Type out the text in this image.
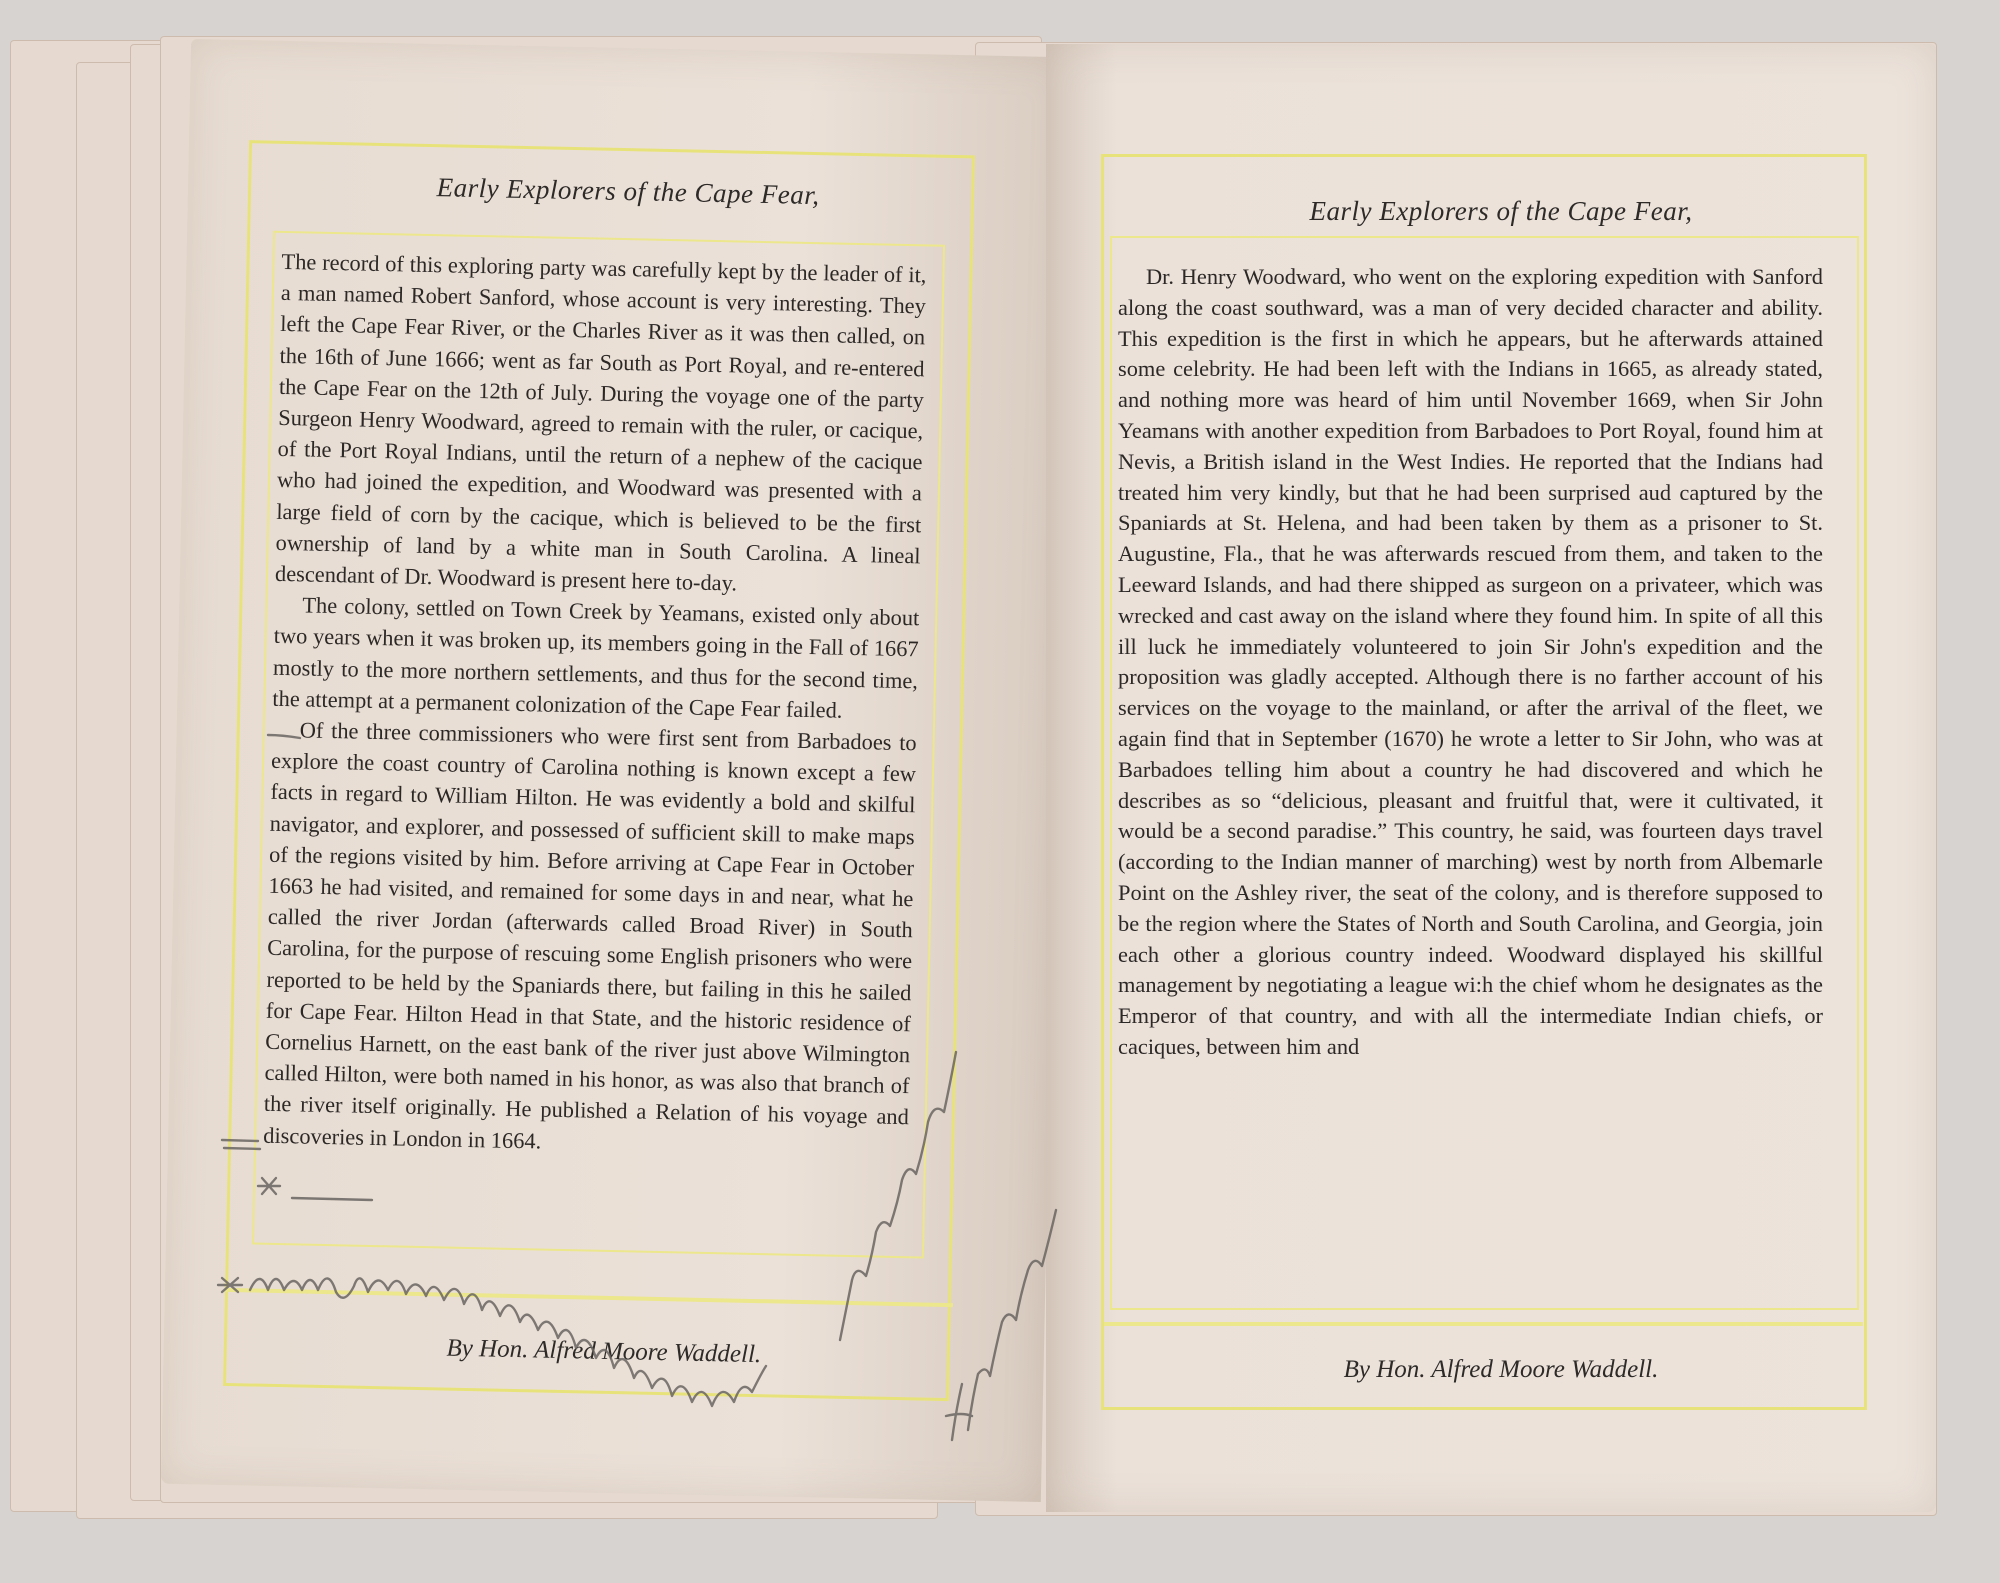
Early Explorers of the Cape Fear,

The record of this exploring party was carefully kept by the leader of it, a man named Robert Sanford, whose account is very interesting. They left the Cape Fear River, or the Charles River as it was then called, on the 16th of June 1666; went as far South as Port Royal, and re-entered the Cape Fear on the 12th of July. During the voyage one of the party Surgeon Henry Woodward, agreed to remain with the ruler, or cacique, of the Port Royal Indians, until the return of a nephew of the cacique who had joined the expedition, and Woodward was presented with a large field of corn by the cacique, which is believed to be the first ownership of land by a white man in South Carolina. A lineal descendant of Dr. Woodward is present here to-day.

The colony, settled on Town Creek by Yeamans, existed only about two years when it was broken up, its members going in the Fall of 1667 mostly to the more northern settlements, and thus for the second time, the attempt at a permanent colonization of the Cape Fear failed.

Of the three commissioners who were first sent from Barbadoes to explore the coast country of Carolina nothing is known except a few facts in regard to William Hilton. He was evidently a bold and skilful navigator, and explorer, and possessed of sufficient skill to make maps of the regions visited by him. Before arriving at Cape Fear in October 1663 he had visited, and remained for some days in and near, what he called the river Jordan (afterwards called Broad River) in South Carolina, for the purpose of rescuing some English prisoners who were reported to be held by the Spaniards there, but failing in this he sailed for Cape Fear. Hilton Head in that State, and the historic residence of Cornelius Harnett, on the east bank of the river just above Wilmington called Hilton, were both named in his honor, as was also that branch of the river itself originally. He published a Relation of his voyage and discoveries in London in 1664.

By Hon. Alfred Moore Waddell.
Early Explorers of the Cape Fear,

Dr. Henry Woodward, who went on the exploring expedition with Sanford along the coast southward, was a man of very decided character and ability. This expedition is the first in which he appears, but he afterwards attained some celebrity. He had been left with the Indians in 1665, as already stated, and nothing more was heard of him until November 1669, when Sir John Yeamans with another expedition from Barbadoes to Port Royal, found him at Nevis, a British island in the West Indies. He reported that the Indians had treated him very kindly, but that he had been surprised aud captured by the Spaniards at St. Helena, and had been taken by them as a prisoner to St. Augustine, Fla., that he was afterwards rescued from them, and taken to the Leeward Islands, and had there shipped as surgeon on a privateer, which was wrecked and cast away on the island where they found him. In spite of all this ill luck he immediately volunteered to join Sir John's expedition and the proposition was gladly accepted. Although there is no farther account of his services on the voyage to the mainland, or after the arrival of the fleet, we again find that in September (1670) he wrote a letter to Sir John, who was at Barbadoes telling him about a country he had discovered and which he describes as so “delicious, pleasant and fruitful that, were it cultivated, it would be a second paradise.” This country, he said, was fourteen days travel (according to the Indian manner of marching) west by north from Albemarle Point on the Ashley river, the seat of the colony, and is therefore supposed to be the region where the States of North and South Carolina, and Georgia, join each other a glorious country indeed. Woodward displayed his skillful management by negotiating a league wi:h the chief whom he designates as the Emperor of that country, and with all the intermediate Indian chiefs, or caciques, between him and

By Hon. Alfred Moore Waddell.
